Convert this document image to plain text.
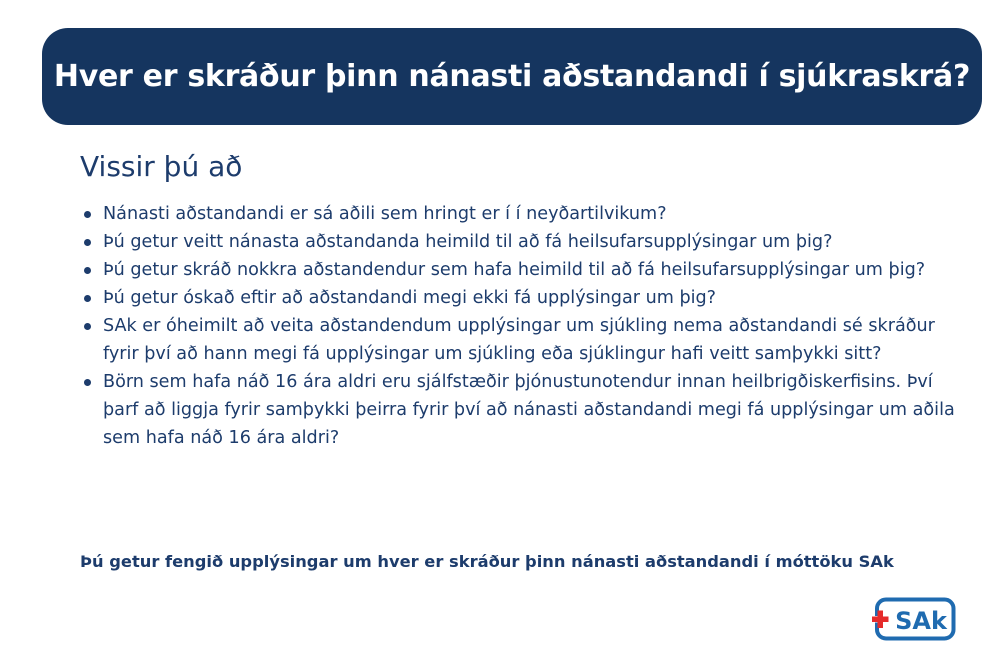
Hver er skráður þinn nánasti aðstandandi í sjúkraskrá?
Vissir þú að
Nánasti aðstandandi er sá aðili sem hringt er í í neyðartilvikum?
Þú getur veitt nánasta aðstandanda heimild til að fá heilsufarsupplýsingar um þig?
Þú getur skráð nokkra aðstandendur sem hafa heimild til að fá heilsufarsupplýsingar um þig?
Þú getur óskað eftir að aðstandandi megi ekki fá upplýsingar um þig?
SAk er óheimilt að veita aðstandendum upplýsingar um sjúkling nema aðstandandi sé skráður fyrir því að hann megi fá upplýsingar um sjúkling eða sjúklingur hafi veitt samþykki sitt?
Börn sem hafa náð 16 ára aldri eru sjálfstæðir þjónustunotendur innan heilbrigðiskerfisins. Því þarf að liggja fyrir samþykki þeirra fyrir því að nánasti aðstandandi megi fá upplýsingar um aðila sem hafa náð 16 ára aldri?
Þú getur fengið upplýsingar um hver er skráður þinn nánasti aðstandandi í móttöku SAk
SAk
